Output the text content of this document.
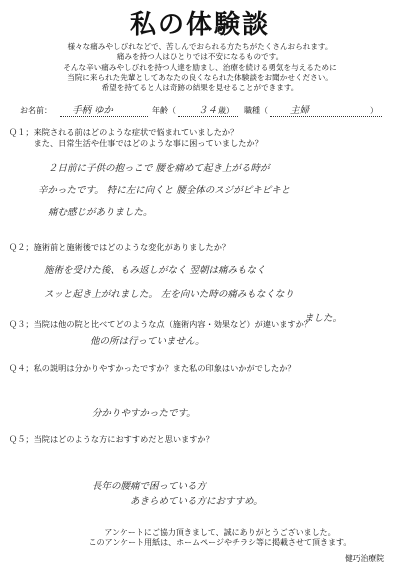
私の体験談
様々な痛みやしびれなどで、苦しんでおられる方たちがたくさんおられます。
痛みを持つ人はひとりでは不安になるものです。
そんな辛い痛みやしびれを持つ人達を励まし、治療を続ける勇気を与えるために
当院に来られた先輩としてあなたの良くなられた体験談をお聞かせください。
希望を持てると人は奇跡の結果を見せることができます。
お名前： 手柄 ゆか	年齢（ ３４ 歳） 職種（ 主婦	）
Ｑ１；来院される前はどのような症状で悩まれていましたか？
　　　また、日常生活や仕事ではどのような事に困っていましたか？
２日前に子供の抱っこで 腰を痛めて起き上がる時が
辛かったです。 特に左に向くと 腰全体のスジがピキピキと
痛む感じがありました。
Ｑ２；施術前と施術後ではどのような変化がありましたか？
施術を受けた後、もみ返しがなく 翌朝は痛みもなく
スッと起き上がれました。 左を向いた時の痛みもなくなり
ました。
Ｑ３；当院は他の院と比べてどのような点（施術内容・効果など）が違いますか？
他の所は行っていません。
Ｑ４；私の説明は分かりやすかったですか？また私の印象はいかがでしたか？
分かりやすかったです。
Ｑ５；当院はどのような方におすすめだと思いますか？
長年の腰痛で困っている方
あきらめている方におすすめ。
アンケートにご協力頂きまして、誠にありがとうございました。
このアンケート用紙は、ホームページやチラシ等に掲載させて頂きます。
健巧治療院
